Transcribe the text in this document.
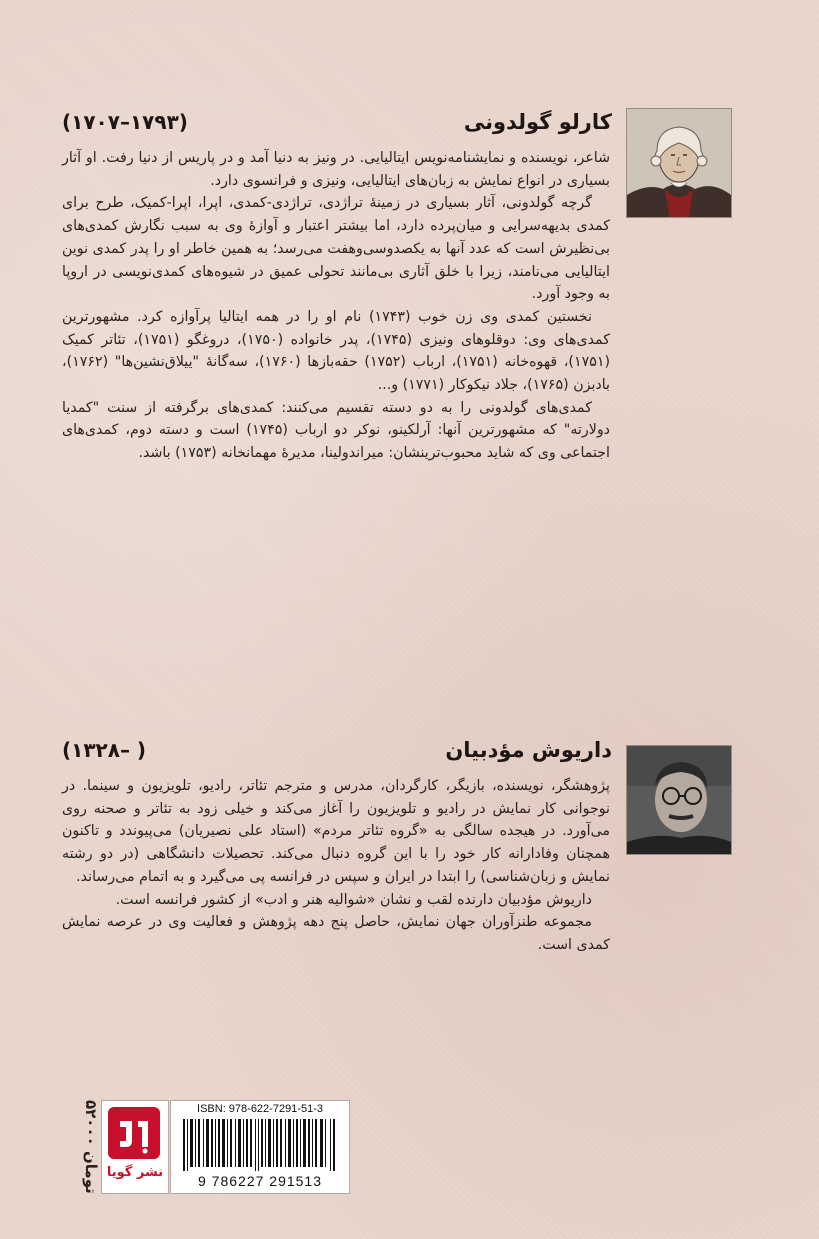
(۱۷۰۷–۱۷۹۳)	کارلو گولدونی

شاعر، نویسنده و نمایشنامه‌نویس ایتالیایی. در ونیز به دنیا آمد و در پاریس از دنیا رفت. او آثار بسیاری در انواع نمایش به زبان‌های ایتالیایی، ونیزی و فرانسوی دارد.

گرچه گولدونی، آثار بسیاری در زمینهٔ تراژدی، تراژدی-کمدی، اپرا، اپرا-کمیک، طرح برای کمدی بدیهه‌سرایی و میان‌پرده دارد، اما بیشتر اعتبار و آوازهٔ وی به سبب نگارش کمدی‌های بی‌نظیرش است که عدد آنها به یکصدوسی‌وهفت می‌رسد؛ به همین خاطر او را پدر کمدی نوین ایتالیایی می‌نامند، زیرا با خلق آثاری بی‌مانند تحولی عمیق در شیوه‌های کمدی‌نویسی در اروپا به وجود آورد.

نخستین کمدی وی زن خوب (۱۷۴۳) نام او را در همه ایتالیا پرآوازه کرد. مشهورترین کمدی‌های وی: دوقلوهای ونیزی (۱۷۴۵)، پدر خانواده (۱۷۵۰)، دروغگو (۱۷۵۱)، تئاتر کمیک (۱۷۵۱)، قهوه‌خانه (۱۷۵۱)، ارباب (۱۷۵۲) حقه‌بازها (۱۷۶۰)، سه‌گانهٔ "ییلاق‌نشین‌ها" (۱۷۶۲)، بادبزن (۱۷۶۵)، جلاد نیکوکار (۱۷۷۱) و...

کمدی‌های گولدونی را به دو دسته تقسیم می‌کنند: کمدی‌های برگرفته از سنت "کمدیا دولارته" که مشهورترین آنها: آرلکینو، نوکر دو ارباب (۱۷۴۵) است و دسته دوم، کمدی‌های اجتماعی وی که شاید محبوب‌ترینشان: میراندولینا، مدیرهٔ مهمانخانه (۱۷۵۳) باشد.

(۱۳۲۸– )	داریوش مؤدبیان

پژوهشگر، نویسنده، بازیگر، کارگردان، مدرس و مترجم تئاتر، رادیو، تلویزیون و سینما. در نوجوانی کار نمایش در رادیو و تلویزیون را آغاز می‌کند و خیلی زود به تئاتر و صحنه روی می‌آورد. در هیجده سالگی به «گروه تئاتر مردم» (استاد علی نصیریان) می‌پیوندد و تاکنون همچنان وفادارانه کار خود را با این گروه دنبال می‌کند. تحصیلات دانشگاهی (در دو رشته نمایش و زبان‌شناسی) را ابتدا در ایران و سپس در فرانسه پی می‌گیرد و به اتمام می‌رساند.

داریوش مؤدبیان دارنده لقب و نشان «شوالیه هنر و ادب» از کشور فرانسه است.

مجموعه طنزآوران جهان نمایش، حاصل پنج دهه پژوهش و فعالیت وی در عرصه نمایش کمدی است.

۵۲۰۰۰ تومان نشر گویا
ISBN: 978-622-7291-51-3
9 786227 291513
